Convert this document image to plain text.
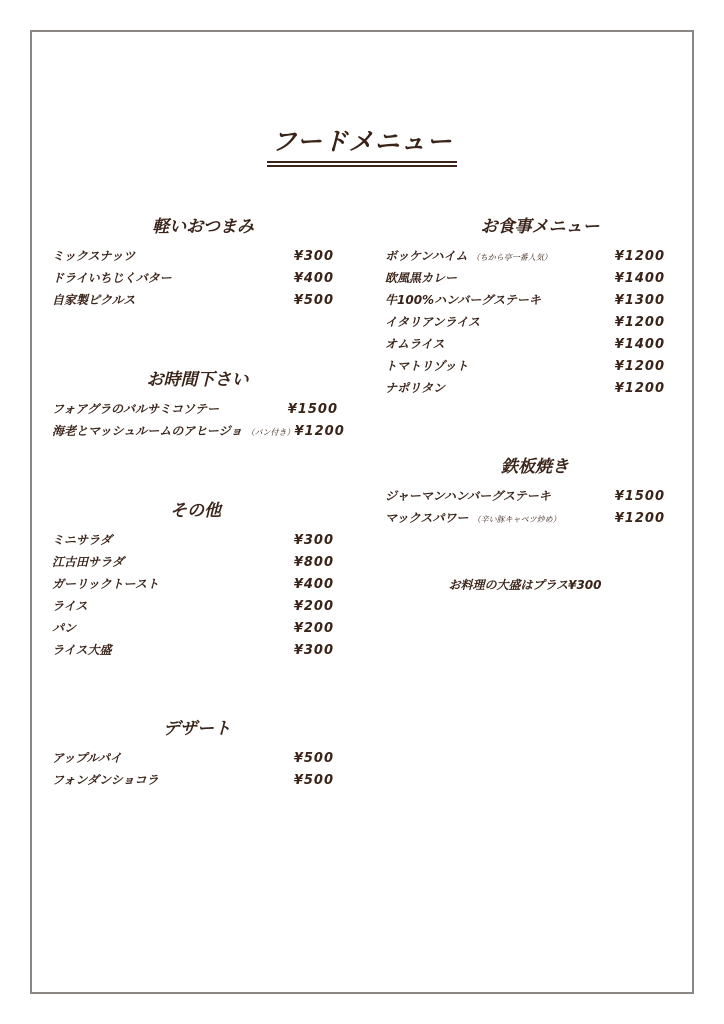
フードメニュー
軽いおつまみ
ミックスナッツ	¥300
ドライいちじくバター	¥400
自家製ピクルス	¥500
お時間下さい
フォアグラのバルサミコソテー	¥1500
海老とマッシュルームのアヒージョ （パン付き） ¥1200
その他
ミニサラダ	¥300
江古田サラダ	¥800
ガーリックトースト	¥400
ライス	¥200
パン	¥200
ライス大盛	¥300
デザート
アップルパイ	¥500
フォンダンショコラ	¥500
お食事メニュー
ボッケンハイム （ちから亭一番人気）	¥1200
欧風黒カレー	¥1400
牛100%ハンバーグステーキ	¥1300
イタリアンライス	¥1200
オムライス	¥1400
トマトリゾット	¥1200
ナポリタン	¥1200
鉄板焼き
ジャーマンハンバーグステーキ	¥1500
マックスパワー （辛い豚キャベツ炒め）	¥1200
お料理の大盛はプラス¥300
